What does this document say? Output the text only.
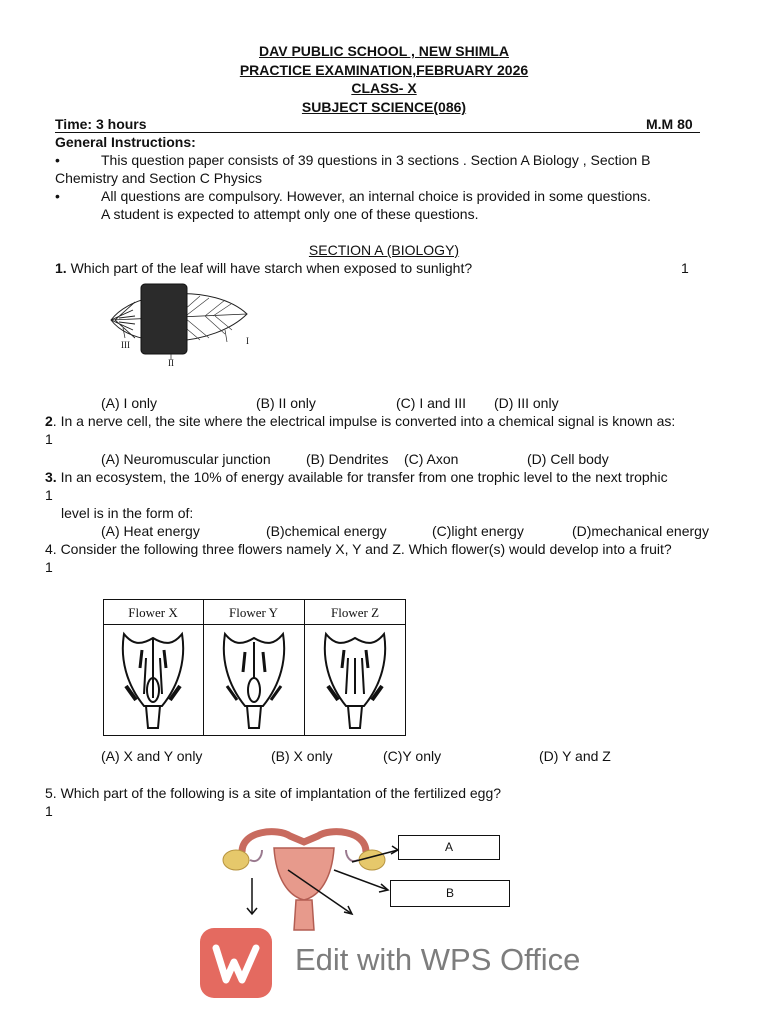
DAV PUBLIC SCHOOL , NEW SHIMLA
PRACTICE EXAMINATION,FEBRUARY 2026
CLASS- X
SUBJECT SCIENCE(086)
Time: 3 hours	M.M 80
General Instructions:
•	This question paper consists of 39 questions in 3 sections . Section A Biology , Section B
Chemistry and Section C Physics
•	All questions are compulsory. However, an internal choice is provided in some questions.
A student is expected to attempt only one of these questions.
SECTION A (BIOLOGY)
1. Which part of the leaf will have starch when exposed to sunlight?	1
III
II
I
(A) I only	(B) II only	(C) I and III (D) III only
2. In a nerve cell, the site where the electrical impulse is converted into a chemical signal is known as:
1
(A) Neuromuscular junction	(B) Dendrites (C) Axon	(D) Cell body
3. In an ecosystem, the 10% of energy available for transfer from one trophic level to the next trophic
1
level is in the form of:
(A) Heat energy	(B)chemical energy	(C)light energy	(D)mechanical energy
4. Consider the following three flowers namely X, Y and Z. Which flower(s) would develop into a fruit?
1
Flower X	Flower Y	Flower Z
(A) X and Y only	(B) X only	(C)Y only	(D) Y and Z
5. Which part of the following is a site of implantation of the fertilized egg?
1
A
B
Edit with WPS Office
